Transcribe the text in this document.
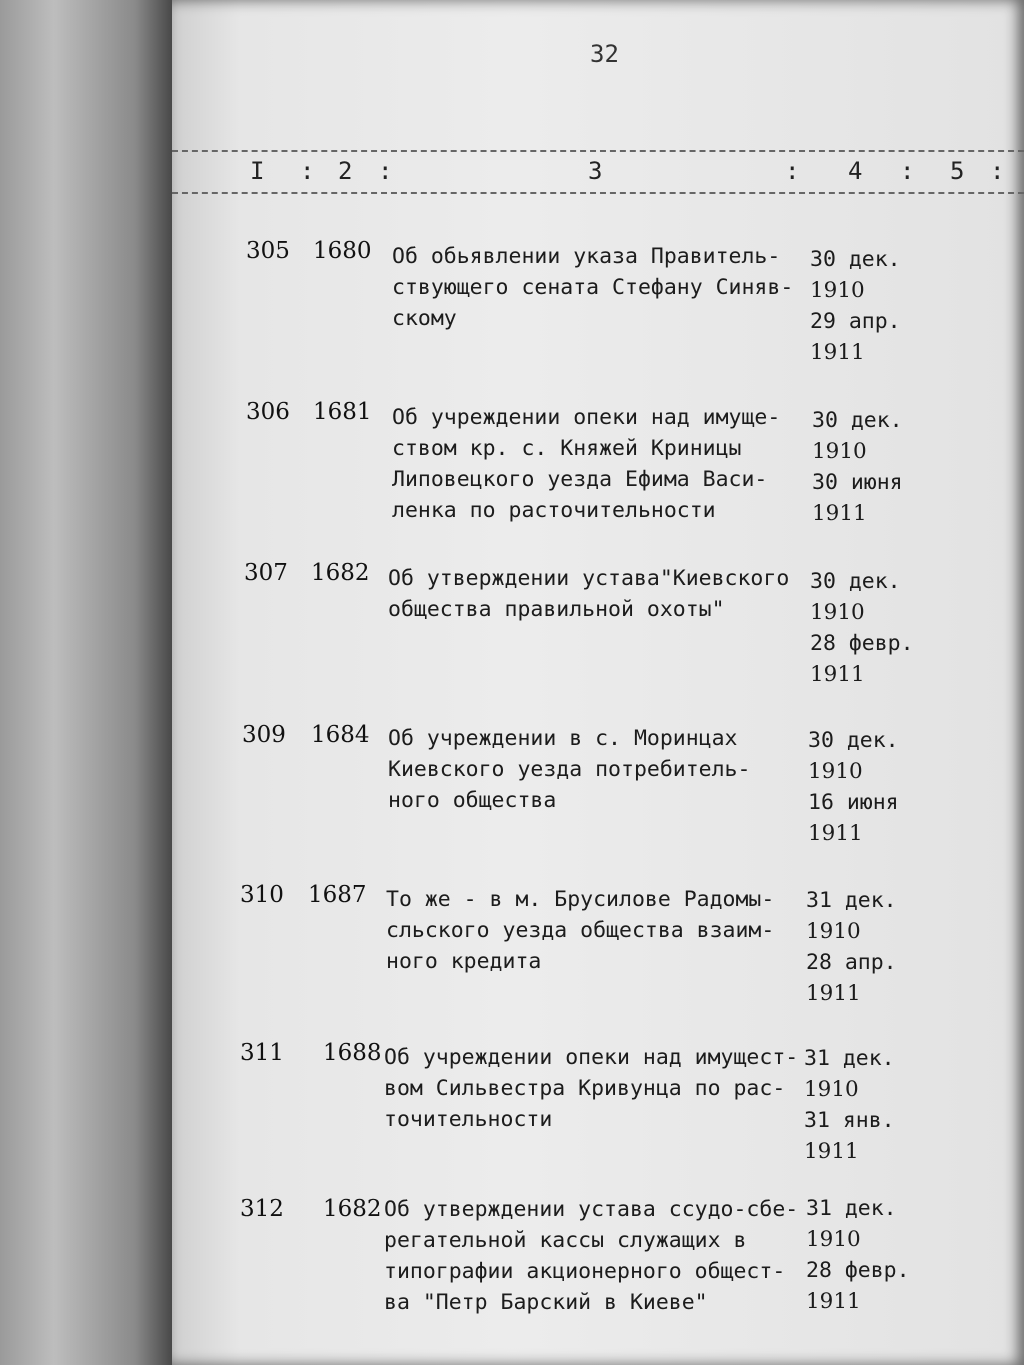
32
I : 2 :	3	: 4 : 5 :
305 1680 Об обьявлении указа Правитель-
ствующего сената Стефану Синяв-
скому
30 дек.
1910
29 апр.
1911
306 1681 Об учреждении опеки над имуще-
ством кр. с. Княжей Криницы
Липовецкого уезда Ефима Васи-
ленка по расточительности
30 дек.
1910
30 июня
1911
307 1682 Об утверждении устава"Киевского
общества правильной охоты"
30 дек.
1910
28 февр.
1911
309 1684 Об учреждении в с. Моринцах
Киевского уезда потребитель-
ного общества
30 дек.
1910
16 июня
1911
310 1687 То же - в м. Брусилове Радомы-
сльского уезда общества взаим-
ного кредита
31 дек.
1910
28 апр.
1911
311 1688 Об учреждении опеки над имущест-
вом Сильвестра Кривунца по рас-
точительности
31 дек.
1910
31 янв.
1911
312 1682 Об утверждении устава ссудо-сбе-
регательной кассы служащих в
типографии акционерного общест-
ва "Петр Барский в Киеве"
31 дек.
1910
28 февр.
1911
